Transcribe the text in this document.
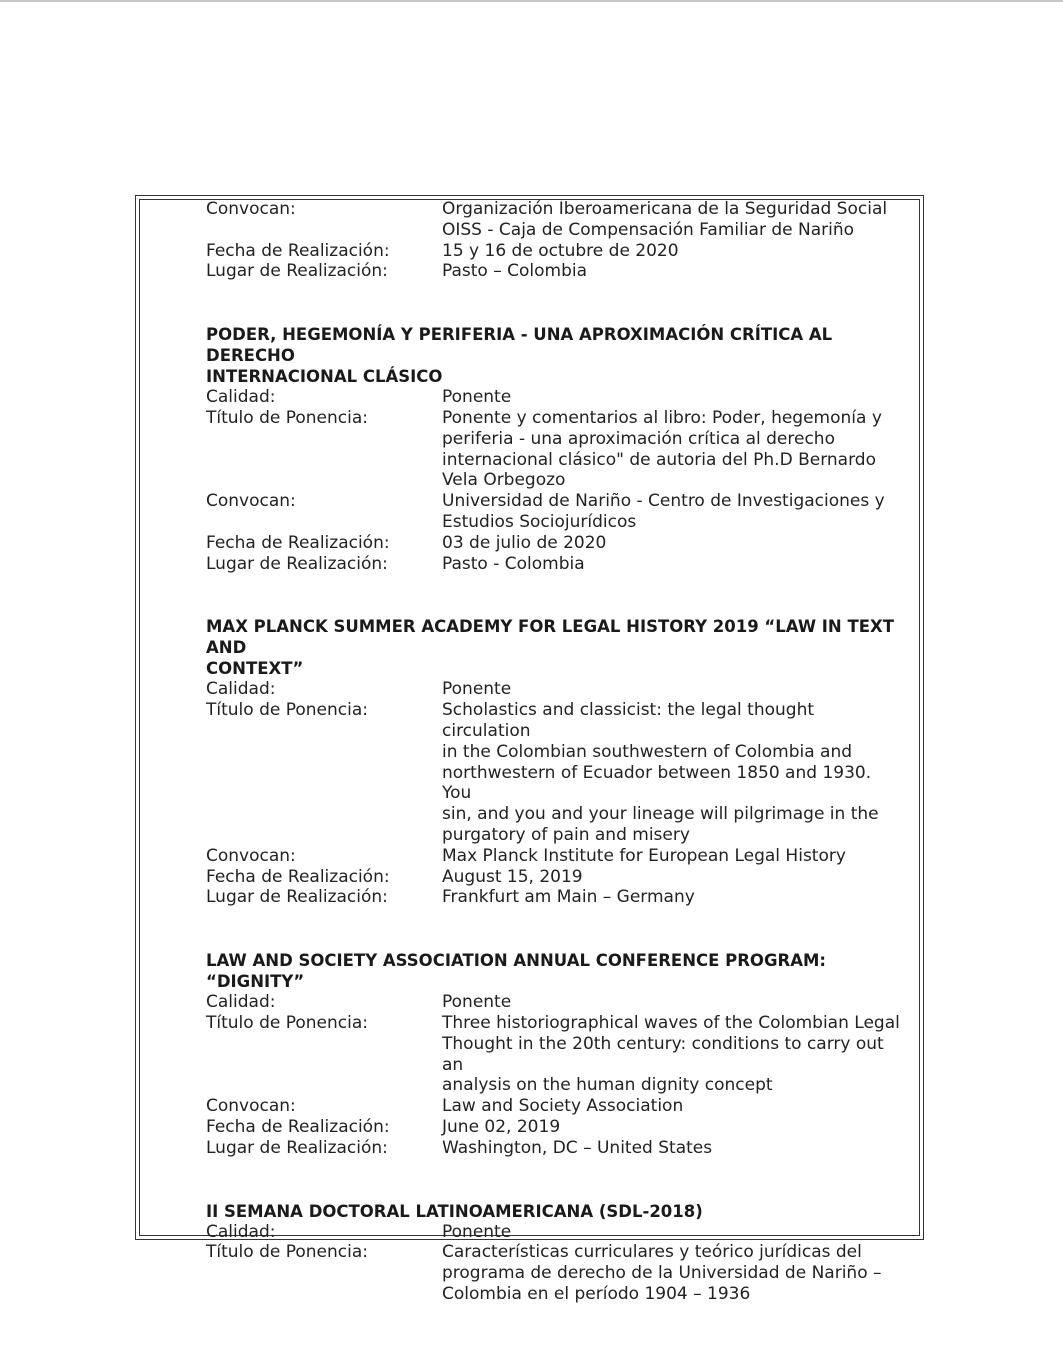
Convocan:	Organización Iberoamericana de la Seguridad Social
OISS - Caja de Compensación Familiar de Nariño
Fecha de Realización:	15 y 16 de octubre de 2020
Lugar de Realización:	Pasto – Colombia
PODER, HEGEMONÍA Y PERIFERIA - UNA APROXIMACIÓN CRÍTICA AL DERECHO
INTERNACIONAL CLÁSICO
Calidad:	Ponente
Título de Ponencia:	Ponente y comentarios al libro: Poder, hegemonía y
periferia - una aproximación crítica al derecho
internacional clásico" de autoria del Ph.D Bernardo
Vela Orbegozo
Convocan:	Universidad de Nariño - Centro de Investigaciones y
Estudios Sociojurídicos
Fecha de Realización:	03 de julio de 2020
Lugar de Realización:	Pasto - Colombia
MAX PLANCK SUMMER ACADEMY FOR LEGAL HISTORY 2019 “LAW IN TEXT AND
CONTEXT”
Calidad:	Ponente
Título de Ponencia:	Scholastics and classicist: the legal thought circulation
in the Colombian southwestern of Colombia and
northwestern of Ecuador between 1850 and 1930. You
sin, and you and your lineage will pilgrimage in the
purgatory of pain and misery
Convocan:	Max Planck Institute for European Legal History
Fecha de Realización:	August 15, 2019
Lugar de Realización:	Frankfurt am Main – Germany
LAW AND SOCIETY ASSOCIATION ANNUAL CONFERENCE PROGRAM: “DIGNITY”
Calidad:	Ponente
Título de Ponencia:	Three historiographical waves of the Colombian Legal
Thought in the 20th century: conditions to carry out an
analysis on the human dignity concept
Convocan:	Law and Society Association
Fecha de Realización:	June 02, 2019
Lugar de Realización:	Washington, DC – United States
II SEMANA DOCTORAL LATINOAMERICANA (SDL-2018)
Calidad:	Ponente
Título de Ponencia:	Características curriculares y teórico jurídicas del
programa de derecho de la Universidad de Nariño –
Colombia en el período 1904 – 1936
